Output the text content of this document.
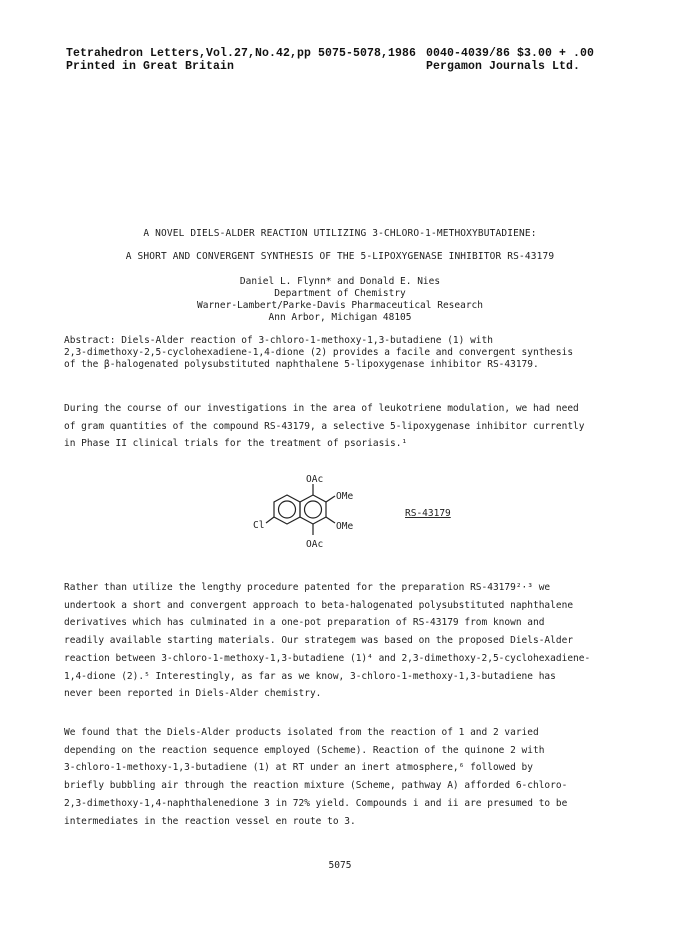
Tetrahedron Letters,Vol.27,No.42,pp 5075-5078,1986
Printed in Great Britain
0040-4039/86 $3.00 + .00
Pergamon Journals Ltd.
A NOVEL DIELS-ALDER REACTION UTILIZING 3-CHLORO-1-METHOXYBUTADIENE:
A SHORT AND CONVERGENT SYNTHESIS OF THE 5-LIPOXYGENASE INHIBITOR RS-43179
Daniel L. Flynn* and Donald E. Nies
Department of Chemistry
Warner-Lambert/Parke-Davis Pharmaceutical Research
Ann Arbor, Michigan 48105
Abstract: Diels-Alder reaction of 3-chloro-1-methoxy-1,3-butadiene (1) with
2,3-dimethoxy-2,5-cyclohexadiene-1,4-dione (2) provides a facile and convergent synthesis
of the β-halogenated polysubstituted naphthalene 5-lipoxygenase inhibitor RS-43179.
During the course of our investigations in the area of leukotriene modulation, we had need
of gram quantities of the compound RS-43179, a selective 5-lipoxygenase inhibitor currently
in Phase II clinical trials for the treatment of psoriasis.¹
OAc
OAc
OMe
OMe
Cl
RS-43179
Rather than utilize the lengthy procedure patented for the preparation RS-43179²·³ we
undertook a short and convergent approach to beta-halogenated polysubstituted naphthalene
derivatives which has culminated in a one-pot preparation of RS-43179 from known and
readily available starting materials. Our strategem was based on the proposed Diels-Alder
reaction between 3-chloro-1-methoxy-1,3-butadiene (1)⁴ and 2,3-dimethoxy-2,5-cyclohexadiene-
1,4-dione (2).⁵ Interestingly, as far as we know, 3-chloro-1-methoxy-1,3-butadiene has
never been reported in Diels-Alder chemistry.
We found that the Diels-Alder products isolated from the reaction of 1 and 2 varied
depending on the reaction sequence employed (Scheme). Reaction of the quinone 2 with
3-chloro-1-methoxy-1,3-butadiene (1) at RT under an inert atmosphere,⁶ followed by
briefly bubbling air through the reaction mixture (Scheme, pathway A) afforded 6-chloro-
2,3-dimethoxy-1,4-naphthalenedione 3 in 72% yield. Compounds i and ii are presumed to be
intermediates in the reaction vessel en route to 3.
5075
